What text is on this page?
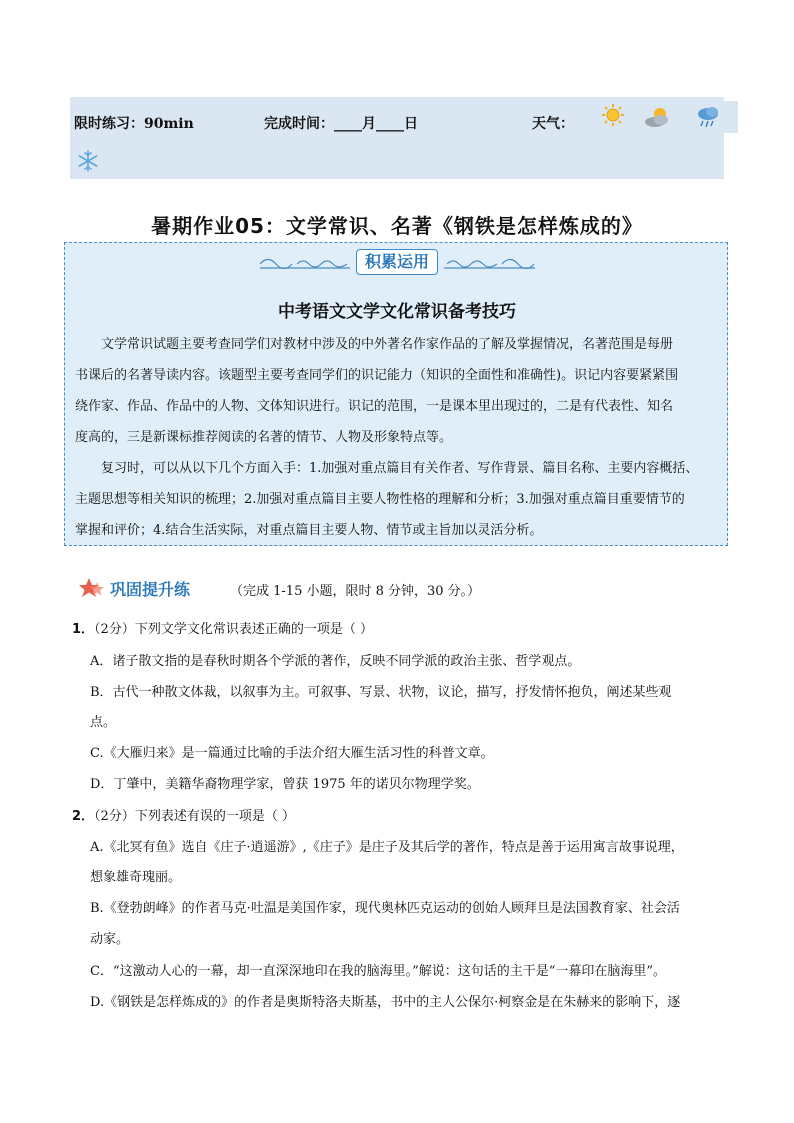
限时练习：90min	完成时间：____月____日	天气：
暑期作业05：文学常识、名著《钢铁是怎样炼成的》
积累运用
中考语文文学文化常识备考技巧

文学常识试题主要考查同学们对教材中涉及的中外著名作家作品的了解及掌握情况，名著范围是每册
书课后的名著导读内容。该题型主要考查同学们的识记能力（知识的全面性和准确性)。识记内容要紧紧围
绕作家、作品、作品中的人物、文体知识进行。识记的范围，一是课本里出现过的，二是有代表性、知名
度高的，三是新课标推荐阅读的名著的情节、人物及形象特点等。

复习时，可以从以下几个方面入手：1.加强对重点篇目有关作者、写作背景、篇目名称、主要内容概括、
主题思想等相关知识的梳理；2.加强对重点篇目主要人物性格的理解和分析；3.加强对重点篇目重要情节的
掌握和评价；4.结合生活实际，对重点篇目主要人物、情节或主旨加以灵活分析。

巩固提升练	（完成 1-15 小题，限时 8 分钟，30 分。）
1．（2分）下列文学文化常识表述正确的一项是（ ）
A．诸子散文指的是春秋时期各个学派的著作，反映不同学派的政治主张、哲学观点。
B．古代一种散文体裁，以叙事为主。可叙事、写景、状物，议论，描写，抒发情怀抱负，阐述某些观
点。
C.《大雁归来》是一篇通过比喻的手法介绍大雁生活习性的科普文章。
D．丁肇中，美籍华裔物理学家，曾获 1975 年的诺贝尔物理学奖。
2．（2分）下列表述有误的一项是（ ）
A.《北冥有鱼》选自《庄子·逍遥游》,《庄子》是庄子及其后学的著作，特点是善于运用寓言故事说理，
想象雄奇瑰丽。
B.《登勃朗峰》的作者马克·吐温是美国作家，现代奥林匹克运动的创始人顾拜旦是法国教育家、社会活
动家。
C．“这激动人心的一幕，却一直深深地印在我的脑海里。”解说：这句话的主干是“一幕印在脑海里”。
D.《钢铁是怎样炼成的》的作者是奥斯特洛夫斯基，书中的主人公保尔·柯察金是在朱赫来的影响下，逐
